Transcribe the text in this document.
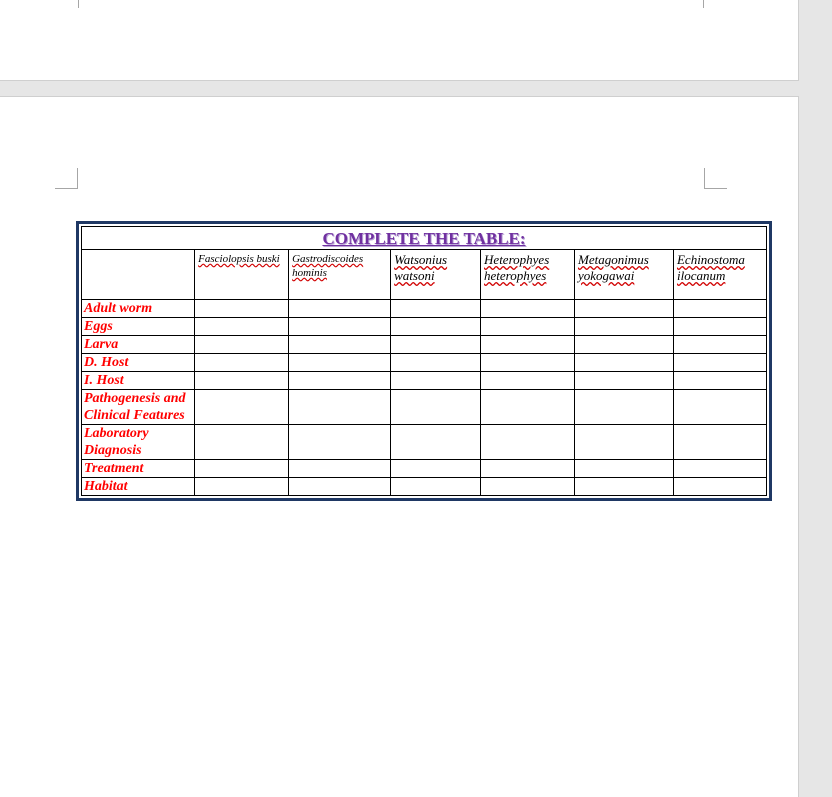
COMPLETE THE TABLE:						
	Fasciolopsis buski	Gastrodiscoides hominis	Watsonius watsoni	Heterophyes heterophyes	Metagonimus yokogawai	Echinostoma ilocanum
Adult worm						
Eggs						
Larva						
D. Host						
I. Host						
Pathogenesis and Clinical Features						
Laboratory Diagnosis						
Treatment						
Habitat						
